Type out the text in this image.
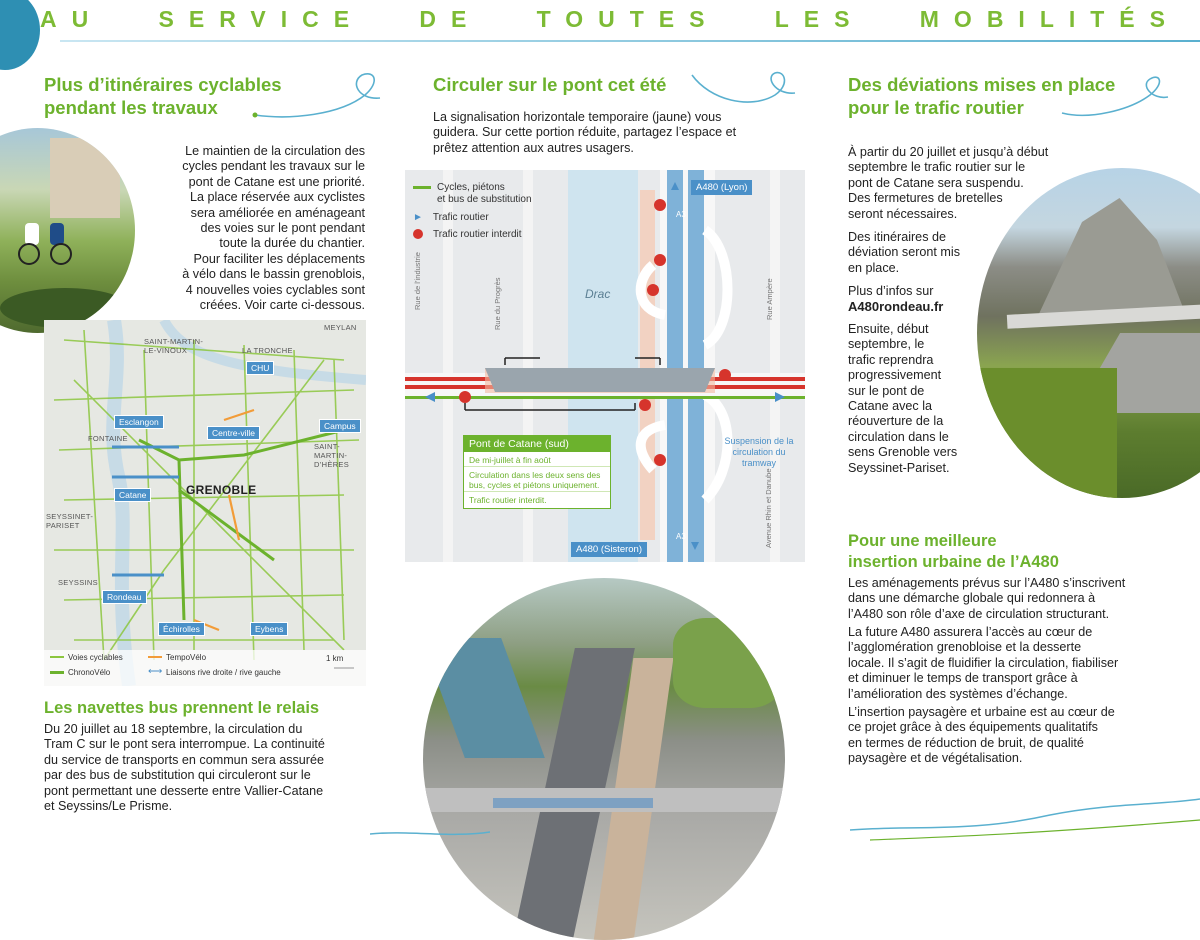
AU SERVICE DE TOUTES LES MOBILITÉS
Plus d’itinéraires cyclables
pendant les travaux
Le maintien de la circulation des
cycles pendant les travaux sur le
pont de Catane est une priorité.
La place réservée aux cyclistes
sera améliorée en aménageant
des voies sur le pont pendant
toute la durée du chantier.
Pour faciliter les déplacements
à vélo dans le bassin grenoblois,
4 nouvelles voies cyclables sont
créées. Voir carte ci-dessous.
SAINT-MARTIN-LE-VINOUX
MEYLAN
LA TRONCHE
FONTAINE
SAINT-MARTIN-D’HÈRES
SEYSSINET-PARISET
SEYSSINS
GRENOBLE
CHU
Esclangon
Centre-ville
Campus
Catane
Rondeau
Échirolles	Eybens
Voies cyclables	TempoVélo
ChronoVélo	⟷ Liaisons rive droite / rive gauche
1 km
Les navettes bus prennent le relais
Du 20 juillet au 18 septembre, la circulation du
Tram C sur le pont sera interrompue. La continuité
du service de transports en commun sera assurée
par des bus de substitution qui circuleront sur le
pont permettant une desserte entre Vallier-Catane
et Seyssins/Le Prisme.
Circuler sur le pont cet été
La signalisation horizontale temporaire (jaune) vous
guidera. Sur cette portion réduite, partagez l’espace et
prêtez attention aux autres usagers.
Cycles, piétons
et bus de substitution
► Trafic routier
Trafic routier interdit
A480 (Lyon)
A480 (Sisteron)
Drac
Rue de l’industrie	Rue du Progrès	Rue Ampère
Avenue Rhin et Danube
A3
A3
Pont de Catane (sud)
De mi-juillet à fin août
Circulation dans les deux sens des bus, cycles et piétons uniquement.
Trafic routier interdit.
Suspension de la circulation du tramway
Des déviations mises en place
pour le trafic routier
À partir du 20 juillet et jusqu’à début
septembre le trafic routier sur le
pont de Catane sera suspendu.
Des fermetures de bretelles
seront nécessaires.
Des itinéraires de
déviation seront mis
en place.
Plus d’infos sur
A480rondeau.fr
Ensuite, début
septembre, le
trafic reprendra
progressivement
sur le pont de
Catane avec la
réouverture de la
circulation dans le
sens Grenoble vers
Seyssinet-Pariset.
Pour une meilleure
insertion urbaine de l’A480
Les aménagements prévus sur l’A480 s’inscrivent
dans une démarche globale qui redonnera à
l’A480 son rôle d’axe de circulation structurant.
La future A480 assurera l’accès au cœur de
l’agglomération grenobloise et la desserte
locale. Il s’agit de fluidifier la circulation, fiabiliser
et diminuer le temps de transport grâce à
l’amélioration des systèmes d’échange.
L’insertion paysagère et urbaine est au cœur de
ce projet grâce à des équipements qualitatifs
en termes de réduction de bruit, de qualité
paysagère et de végétalisation.
